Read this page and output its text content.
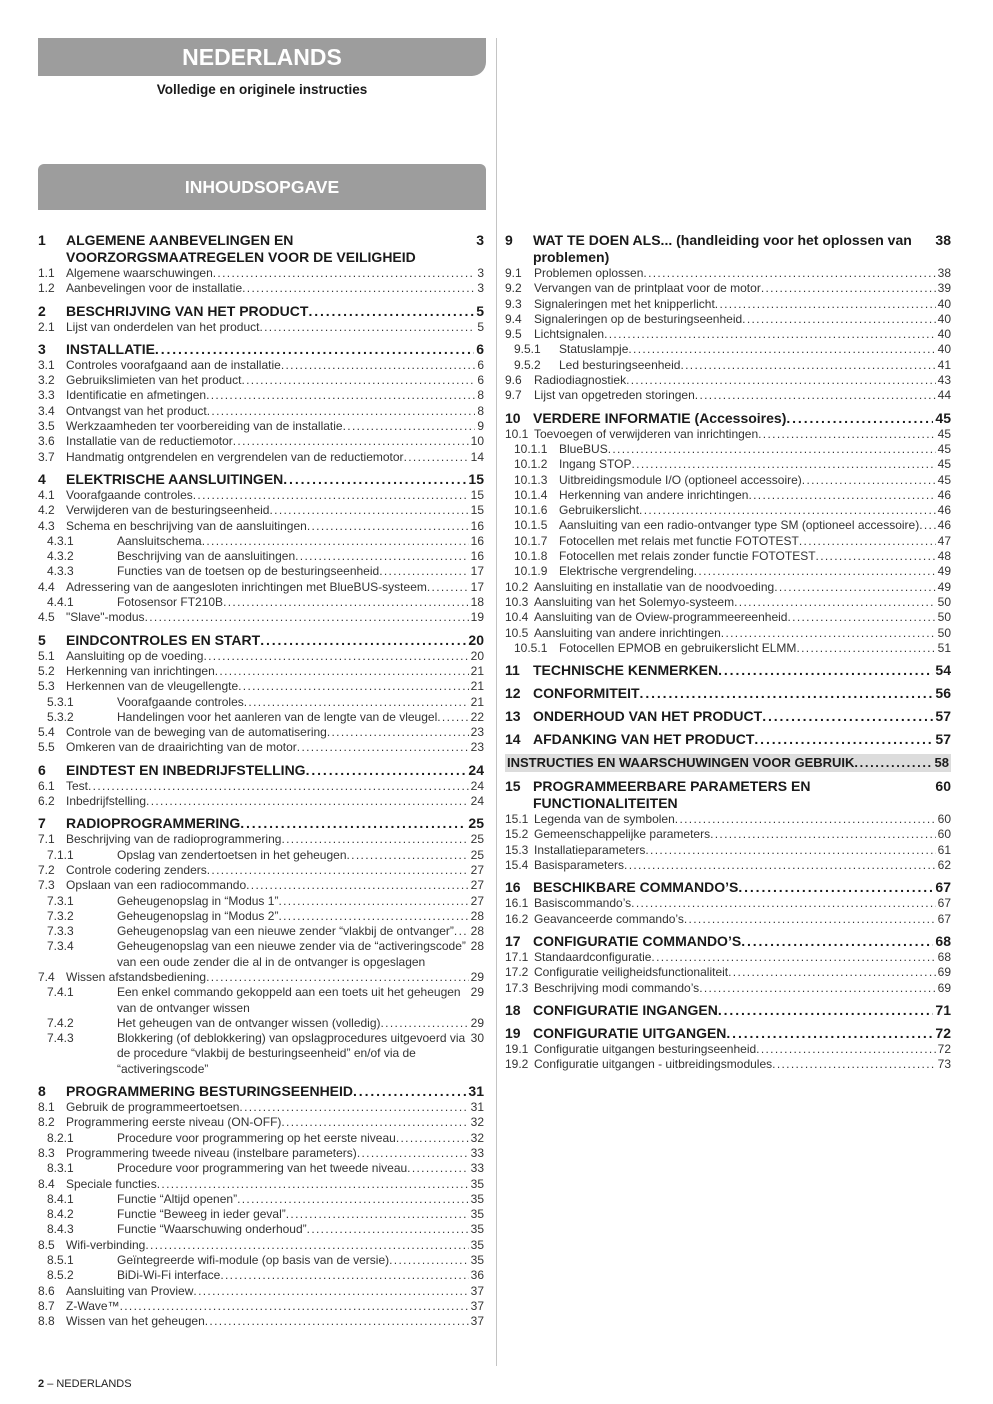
NEDERLANDS
Volledige en originele instructies
INHOUDSOPGAVE
1 ALGEMENE AANBEVELINGEN EN VOORZORGSMAATREGELEN VOOR DE VEILIGHEID
3
1.1 Algemene waarschuwingen . . .	3
1.2 Aanbevelingen voor de installatie . . .	3
2 BESCHRIJVING VAN HET PRODUCT . . .	5
2.1 Lijst van onderdelen van het product . . .	5
3 INSTALLATIE . . .	6
3.1 Controles voorafgaand aan de installatie . . .	6
3.2 Gebruikslimieten van het product . . .	6
3.3 Identificatie en afmetingen . . .	8
3.4 Ontvangst van het product . . .	8
3.5 Werkzaamheden ter voorbereiding van de installatie . . .	9
3.6 Installatie van de reductiemotor . . .	10
3.7 Handmatig ontgrendelen en vergrendelen van de reductiemotor . . .	14
4 ELEKTRISCHE AANSLUITINGEN . . .	15
4.1 Voorafgaande controles . . .	15
4.2 Verwijderen van de besturingseenheid . . .	15
4.3 Schema en beschrijving van de aansluitingen . . .	16
4.3.1	Aansluitschema . . .	16
4.3.2	Beschrijving van de aansluitingen . . .	16
4.3.3	Functies van de toetsen op de besturingseenheid . . .	17
4.4 Adressering van de aangesloten inrichtingen met BlueBUS-systeem . . .	17
4.4.1	Fotosensor FT210B . . .	18
4.5 "Slave"-modus . . .	19
5 EINDCONTROLES EN START . . .	20
5.1 Aansluiting op de voeding . . .	20
5.2 Herkenning van inrichtingen . . .	21
5.3 Herkennen van de vleugellengte . . .	21
5.3.1	Voorafgaande controles . . .	21
5.3.2	Handelingen voor het aanleren van de lengte van de vleugel . . .	22
5.4 Controle van de beweging van de automatisering . . .	23
5.5 Omkeren van de draairichting van de motor . . .	23
6 EINDTEST EN INBEDRIJFSTELLING . . .	24
6.1 Test . . .	24
6.2 Inbedrijfstelling . . .	24
7 RADIOPROGRAMMERING . . .	25
7.1 Beschrijving van de radioprogrammering . . .	25
7.1.1	Opslag van zendertoetsen in het geheugen . . .	25
7.2 Controle codering zenders . . .	27
7.3 Opslaan van een radiocommando . . .	27
7.3.1	Geheugenopslag in “Modus 1” . . .	27
7.3.2	Geheugenopslag in “Modus 2” . . .	28
7.3.3	Geheugenopslag van een nieuwe zender “vlakbij de ontvanger” . . . 28
7.3.4	Geheugenopslag van een nieuwe zender via de “activeringscode” van een oude zender die al in de ontvanger is opgeslagen
28
7.4 Wissen afstandsbediening . . .	29
7.4.1	Een enkel commando gekoppeld aan een toets uit het geheugen van de ontvanger wissen
29
7.4.2	Het geheugen van de ontvanger wissen (volledig) . . .	29
7.4.3	Blokkering (of deblokkering) van opslagprocedures uitgevoerd via de procedure “vlakbij de besturingseenheid” en/of via de “activeringscode”
30
8 PROGRAMMERING BESTURINGSEENHEID . . .	31
8.1 Gebruik de programmeertoetsen . . .	31
8.2 Programmering eerste niveau (ON-OFF) . . .	32
8.2.1	Procedure voor programmering op het eerste niveau . . .	32
8.3 Programmering tweede niveau (instelbare parameters) . . .	33
8.3.1	Procedure voor programmering van het tweede niveau . . .	33
8.4 Speciale functies . . .	35
8.4.1	Functie “Altijd openen” . . .	35
8.4.2	Functie “Beweeg in ieder geval” . . .	35
8.4.3	Functie “Waarschuwing onderhoud” . . .	35
8.5 Wifi-verbinding . . .	35
8.5.1	Geïntegreerde wifi-module (op basis van de versie) . . .	35
8.5.2	BiDi-Wi-Fi interface . . .	36
8.6 Aansluiting van Proview . . .	37
8.7 Z-Wave™ . . .	37
8.8 Wissen van het geheugen . . .	37
9 WAT TE DOEN ALS... (handleiding voor het oplossen van problemen)
38
9.1 Problemen oplossen . . .	38
9.2 Vervangen van de printplaat voor de motor . . .	39
9.3 Signaleringen met het knipperlicht . . .	40
9.4 Signaleringen op de besturingseenheid . . .	40
9.5 Lichtsignalen . . .	40
9.5.1 Statuslampje . . .	40
9.5.2 Led besturingseenheid . . .	41
9.6 Radiodiagnostiek . . .	43
9.7 Lijst van opgetreden storingen . . .	44
10 VERDERE INFORMATIE (Accessoires) . . .	45
10.1 Toevoegen of verwijderen van inrichtingen . . .	45
10.1.1 BlueBUS . . .	45
10.1.2 Ingang STOP . . .	45
10.1.3 Uitbreidingsmodule I/O (optioneel accessoire) . . .	45
10.1.4 Herkenning van andere inrichtingen . . .	46
10.1.6 Gebruikerslicht . . .	46
10.1.5 Aansluiting van een radio-ontvanger type SM (optioneel accessoire) . . . 46
10.1.7 Fotocellen met relais met functie FOTOTEST . . .	47
10.1.8 Fotocellen met relais zonder functie FOTOTEST . . .	48
10.1.9 Elektrische vergrendeling . . .	49
10.2 Aansluiting en installatie van de noodvoeding . . .	49
10.3 Aansluiting van het Solemyo-systeem . . .	50
10.4 Aansluiting van de Oview-programmeereenheid . . .	50
10.5 Aansluiting van andere inrichtingen . . .	50
10.5.1 Fotocellen EPMOB en gebruikerslicht ELMM . . .	51
11 TECHNISCHE KENMERKEN . . .	54
12 CONFORMITEIT . . .	56
13 ONDERHOUD VAN HET PRODUCT . . .	57
14 AFDANKING VAN HET PRODUCT . . .	57
INSTRUCTIES EN WAARSCHUWINGEN VOOR GEBRUIK . . .	58
15 PROGRAMMEERBARE PARAMETERS EN FUNCTIONALITEITEN
60
15.1 Legenda van de symbolen . . .	60
15.2 Gemeenschappelijke parameters . . .	60
15.3 Installatieparameters . . .	61
15.4 Basisparameters . . .	62
16 BESCHIKBARE COMMANDO’S . . .	67
16.1 Basiscommando’s . . .	67
16.2 Geavanceerde commando’s . . .	67
17 CONFIGURATIE COMMANDO’S . . .	68
17.1 Standaardconfiguratie . . .	68
17.2 Configuratie veiligheidsfunctionaliteit . . .	69
17.3 Beschrijving modi commando’s . . .	69
18 CONFIGURATIE INGANGEN . . .	71
19 CONFIGURATIE UITGANGEN . . .	72
19.1 Configuratie uitgangen besturingseenheid . . .	72
19.2 Configuratie uitgangen - uitbreidingsmodules . . .	73
2 – NEDERLANDS
